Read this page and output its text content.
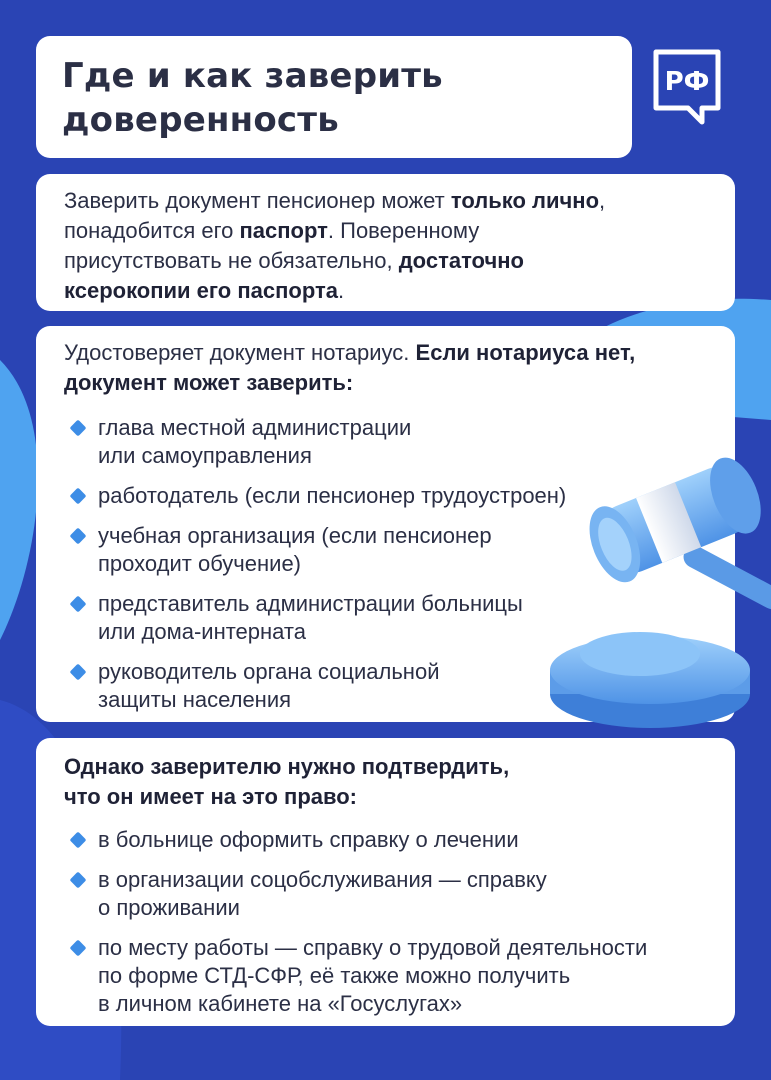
Где и как заверить
доверенность
РФ

Заверить документ пенсионер может только лично,
понадобится его паспорт. Поверенному
присутствовать не обязательно, достаточно
ксерокопии его паспорта.

Удостоверяет документ нотариус. Если нотариуса нет,
документ может заверить:

глава местной администрации
или самоуправления
работодатель (если пенсионер трудоустроен)
учебная организация (если пенсионер
проходит обучение)
представитель администрации больницы
или дома-интерната
руководитель органа социальной
защиты населения

Однако заверителю нужно подтвердить,
что он имеет на это право:

в больнице оформить справку о лечении
в организации соцобслуживания — справку
о проживании
по месту работы — справку о трудовой деятельности
по форме СТД-СФР, её также можно получить
в личном кабинете на «Госуслугах»
